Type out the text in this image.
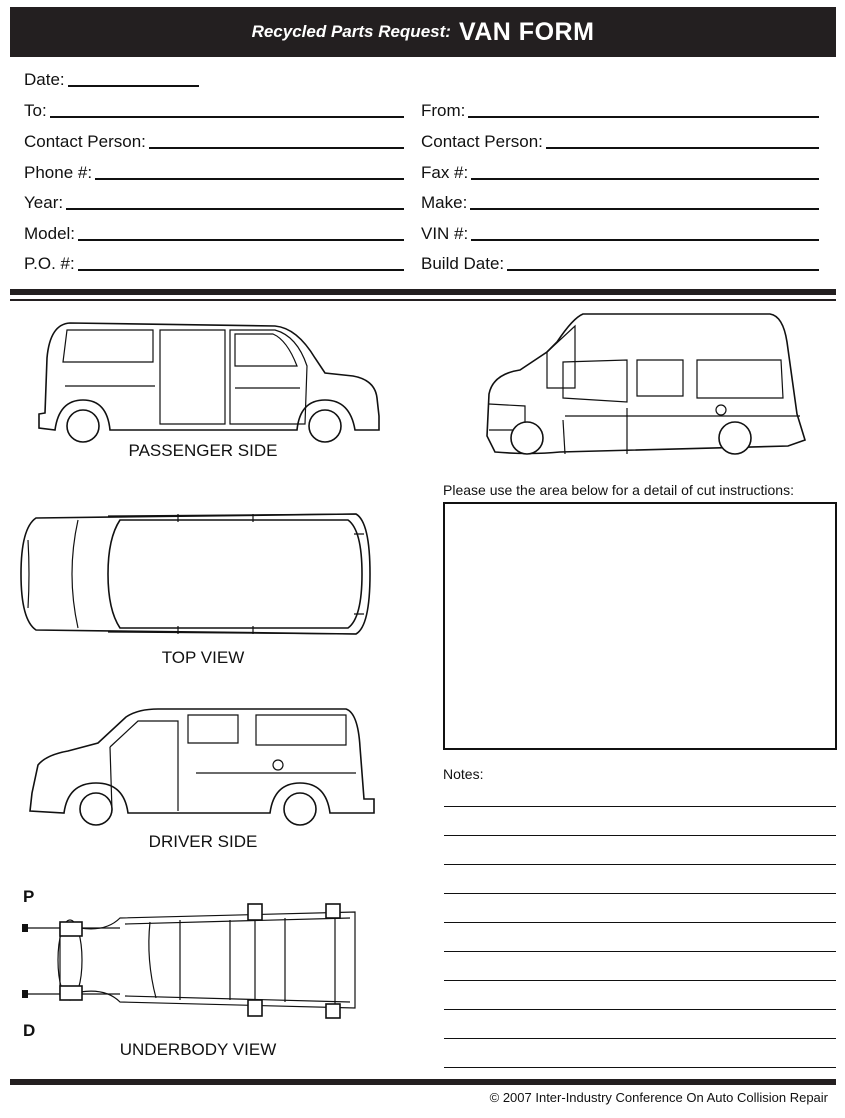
Recycled Parts Request: VAN FORM
Date:
To:	From:
Contact Person:	Contact Person:
Phone #:	Fax #:
Year:	Make:
Model:	VIN #:
P.O. #:	Build Date:
PASSENGER SIDE
Please use the area below for a detail of cut instructions:
TOP VIEW
DRIVER SIDE
P
D
UNDERBODY VIEW
Notes:
© 2007 Inter-Industry Conference On Auto Collision Repair
